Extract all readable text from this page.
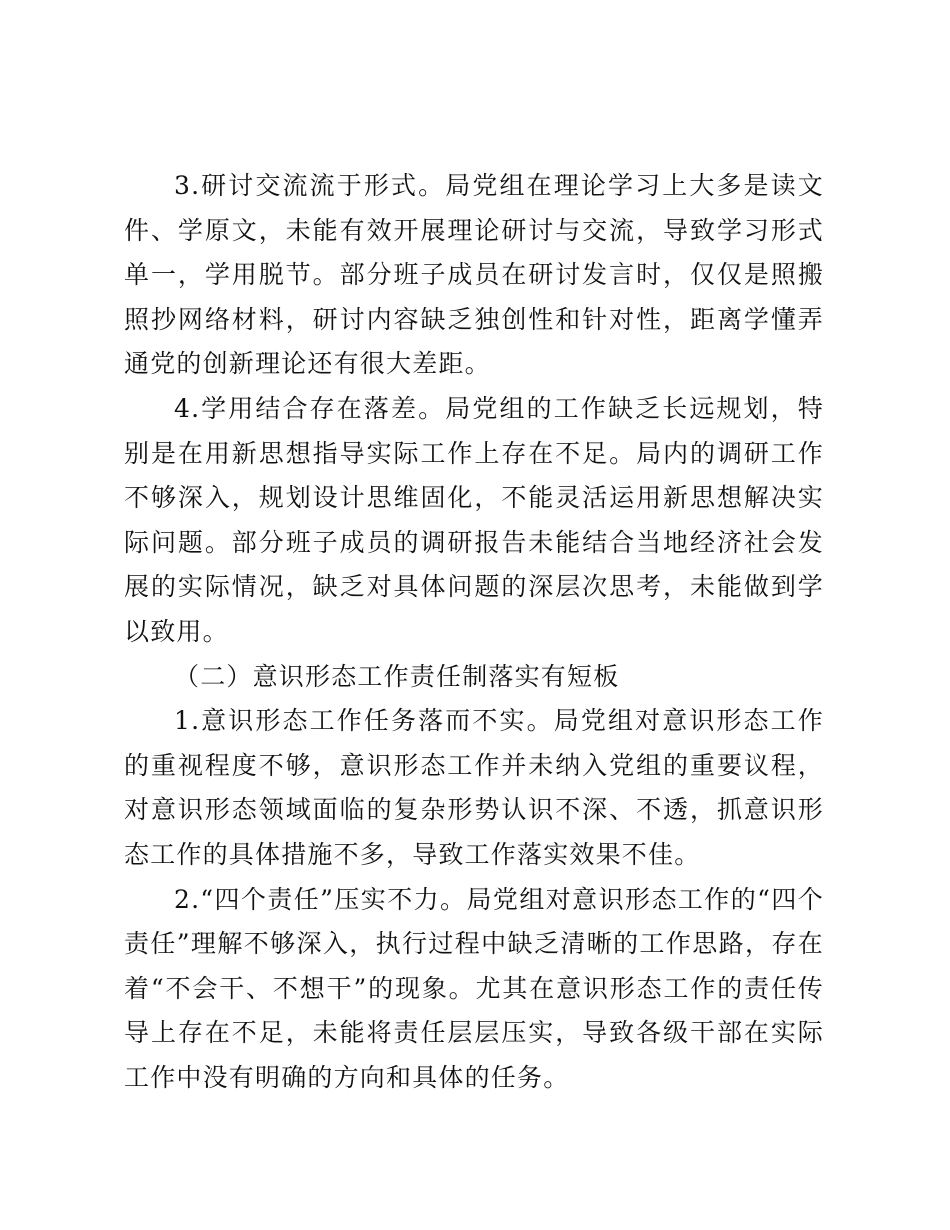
3.研讨交流流于形式。局党组在理论学习上大多是读文件、学原文，未能有效开展理论研讨与交流，导致学习形式单一，学用脱节。部分班子成员在研讨发言时，仅仅是照搬照抄网络材料，研讨内容缺乏独创性和针对性，距离学懂弄通党的创新理论还有很大差距。

4.学用结合存在落差。局党组的工作缺乏长远规划，特别是在用新思想指导实际工作上存在不足。局内的调研工作不够深入，规划设计思维固化，不能灵活运用新思想解决实际问题。部分班子成员的调研报告未能结合当地经济社会发展的实际情况，缺乏对具体问题的深层次思考，未能做到学以致用。

（二）意识形态工作责任制落实有短板

1.意识形态工作任务落而不实。局党组对意识形态工作的重视程度不够，意识形态工作并未纳入党组的重要议程，对意识形态领域面临的复杂形势认识不深、不透，抓意识形态工作的具体措施不多，导致工作落实效果不佳。

2.“四个责任”压实不力。局党组对意识形态工作的“四个责任”理解不够深入，执行过程中缺乏清晰的工作思路，存在着“不会干、不想干”的现象。尤其在意识形态工作的责任传导上存在不足，未能将责任层层压实，导致各级干部在实际工作中没有明确的方向和具体的任务。
